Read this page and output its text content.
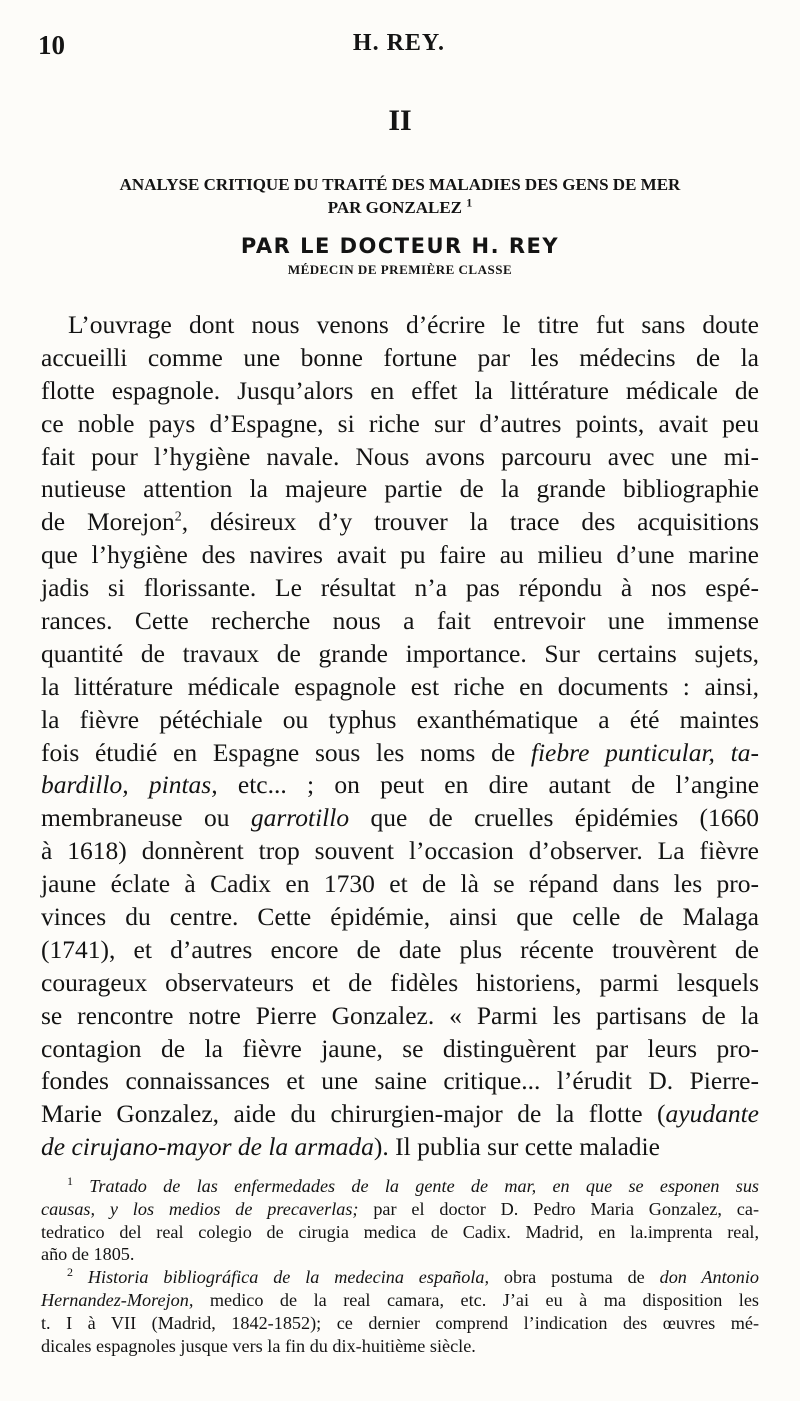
10	H. REY.
II
ANALYSE CRITIQUE DU TRAITÉ DES MALADIES DES GENS DE MER
PAR GONZALEZ $^1$
PAR LE DOCTEUR H. REY
MÉDECIN DE PREMIÈRE CLASSE
L’ouvrage dont nous venons d’écrire le titre fut sans doute
accueilli comme une bonne fortune par les médecins de la
flotte espagnole. Jusqu’alors en effet la littérature médicale de
ce noble pays d’Espagne, si riche sur d’autres points, avait peu
fait pour l’hygiène navale. Nous avons parcouru avec une mi-
nutieuse attention la majeure partie de la grande bibliographie
de Morejon$^2$, désireux d’y trouver la trace des acquisitions
que l’hygiène des navires avait pu faire au milieu d’une marine
jadis si florissante. Le résultat n’a pas répondu à nos espé-
rances. Cette recherche nous a fait entrevoir une immense
quantité de travaux de grande importance. Sur certains sujets,
la littérature médicale espagnole est riche en documents : ainsi,
la fièvre pétéchiale ou typhus exanthématique a été maintes
fois étudié en Espagne sous les noms de fiebre punticular, ta-
bardillo, pintas, etc... ; on peut en dire autant de l’angine
membraneuse ou garrotillo que de cruelles épidémies (1660
à 1618) donnèrent trop souvent l’occasion d’observer. La fièvre
jaune éclate à Cadix en 1730 et de là se répand dans les pro-
vinces du centre. Cette épidémie, ainsi que celle de Malaga
(1741), et d’autres encore de date plus récente trouvèrent de
courageux observateurs et de fidèles historiens, parmi lesquels
se rencontre notre Pierre Gonzalez. « Parmi les partisans de la
contagion de la fièvre jaune, se distinguèrent par leurs pro-
fondes connaissances et une saine critique... l’érudit D. Pierre-
Marie Gonzalez, aide du chirurgien-major de la flotte (ayudante
de cirujano-mayor de la armada). Il publia sur cette maladie
$^1$ Tratado de las enfermedades de la gente de mar, en que se esponen sus
causas, y los medios de precaverlas; par el doctor D. Pedro Maria Gonzalez, ca-
tedratico del real colegio de cirugia medica de Cadix. Madrid, en la.imprenta real,
año de 1805.
$^2$ Historia bibliográfica de la medecina española, obra postuma de don Antonio
Hernandez-Morejon, medico de la real camara, etc. J’ai eu à ma disposition les
t. I à VII (Madrid, 1842-1852); ce dernier comprend l’indication des œuvres mé-
dicales espagnoles jusque vers la fin du dix-huitième siècle.
